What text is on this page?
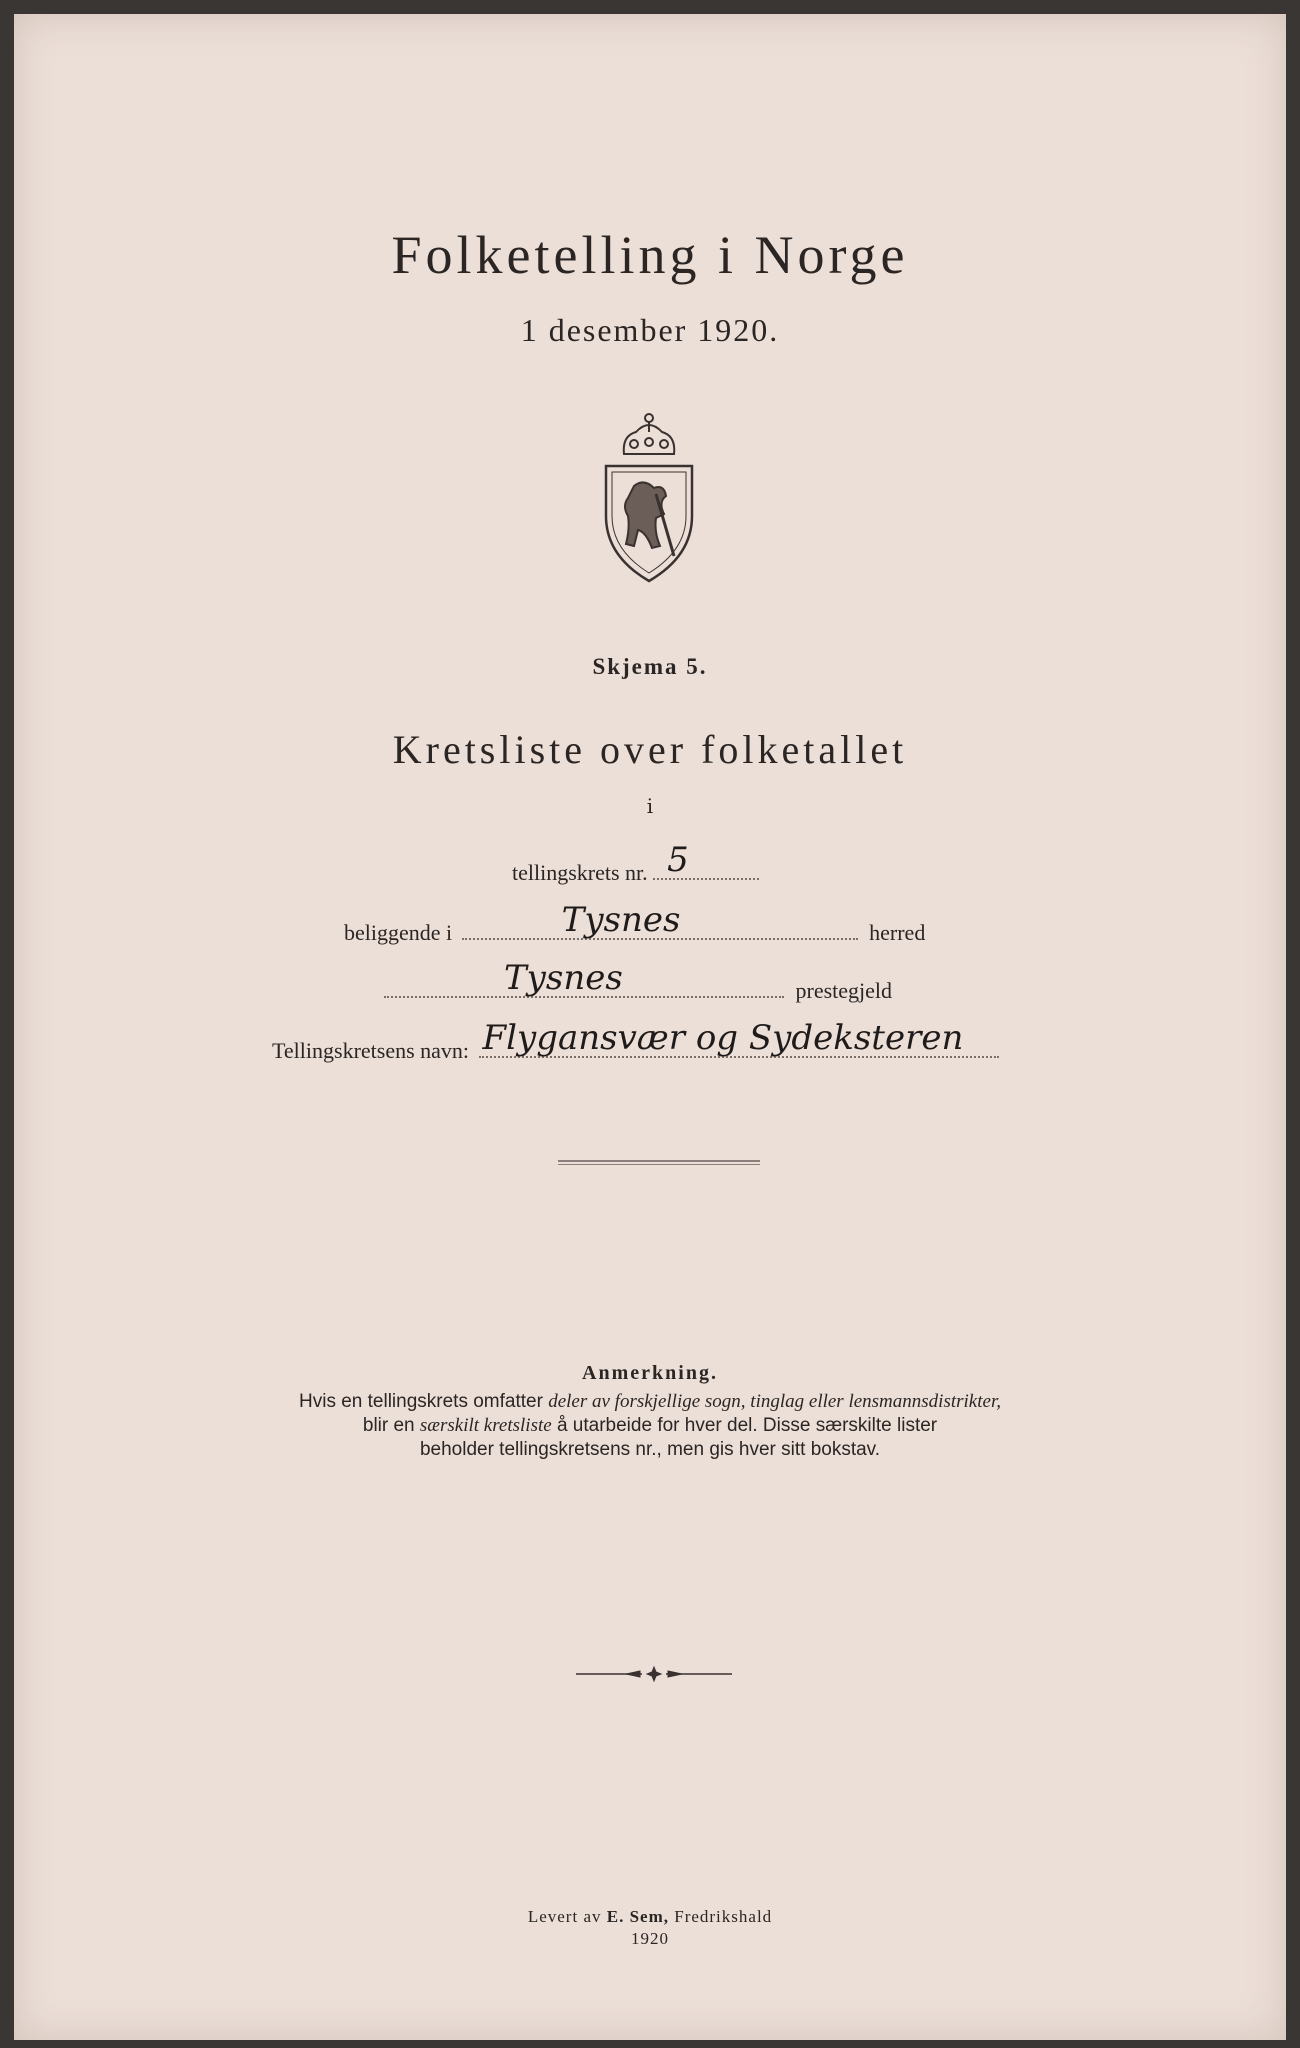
Folketelling i Norge
1 desember 1920.
Skjema 5.
Kretsliste over folketallet
i
tellingskrets nr. 5
beliggende i	Tysnes	herred
Tysnes	prestegjeld
Tellingskretsens navn: Flygansvær og Sydeksteren
Anmerkning.
Hvis en tellingskrets omfatter deler av forskjellige sogn, tinglag eller lensmannsdistrikter,
blir en særskilt kretsliste å utarbeide for hver del. Disse særskilte lister
beholder tellingskretsens nr., men gis hver sitt bokstav.
Levert av E. Sem, Fredrikshald
1920
